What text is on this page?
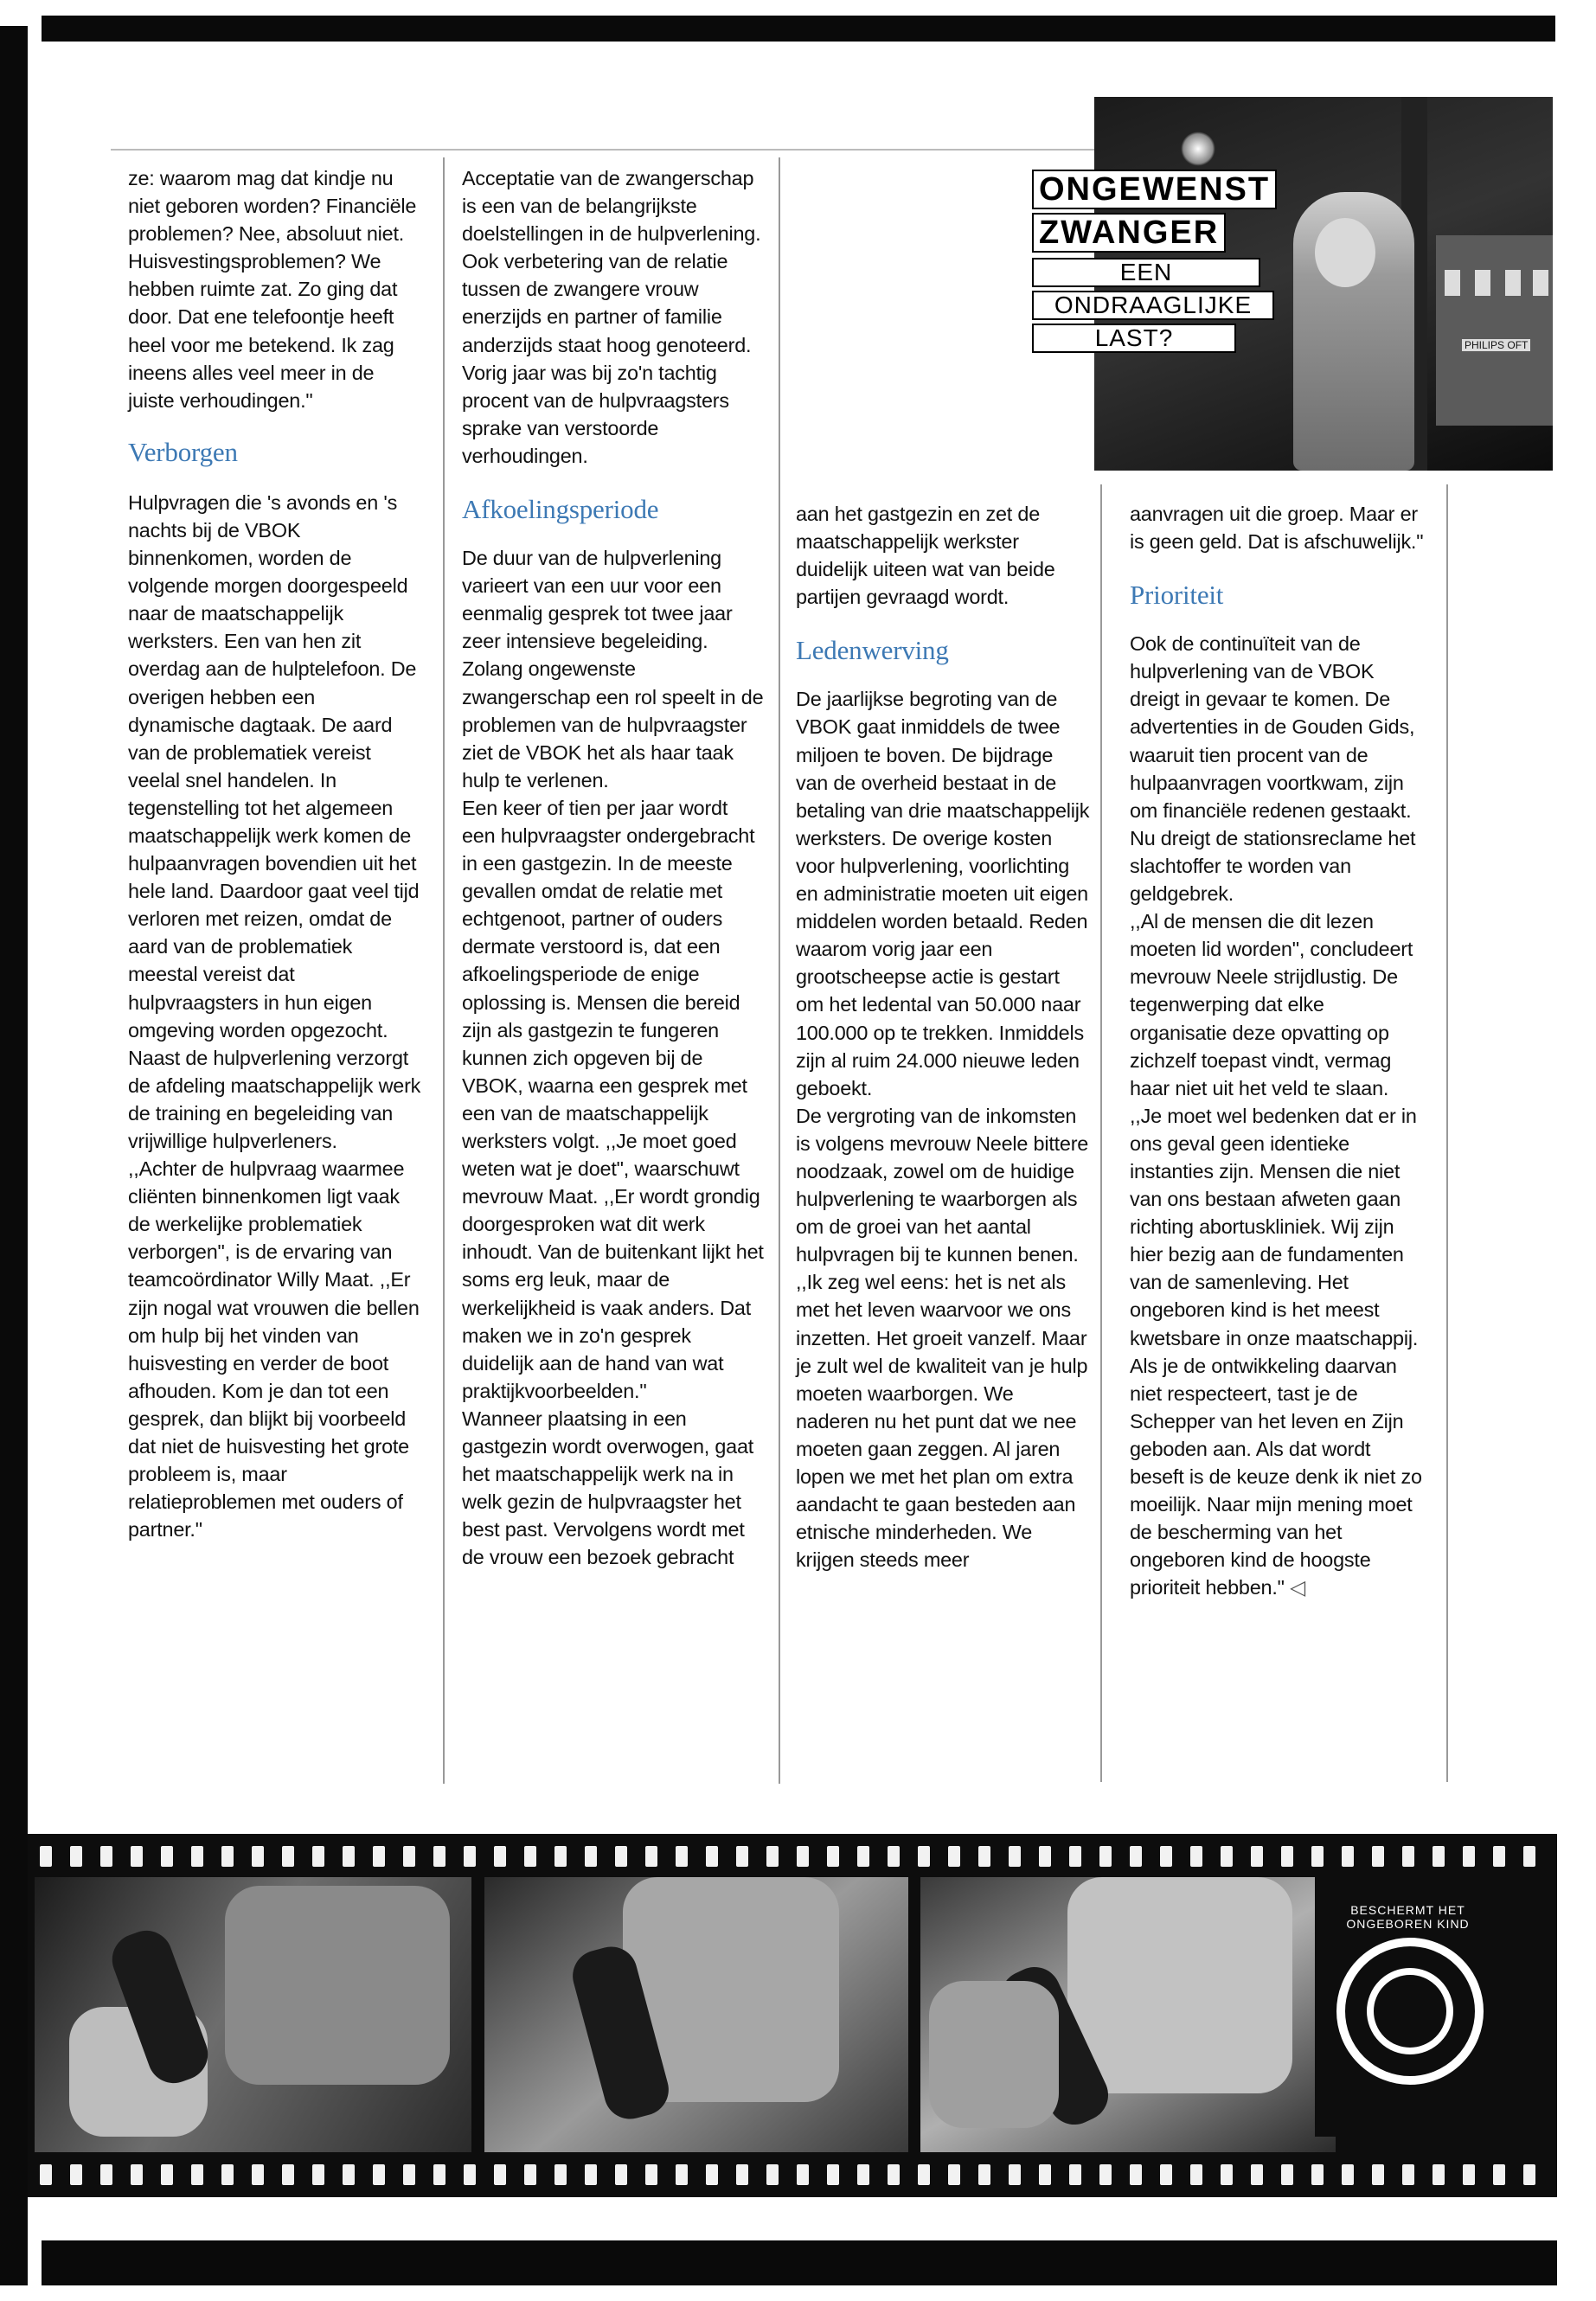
PHILIPS OFT
ONGEWENST
ZWANGER
EEN
ONDRAAGLIJKE
LAST?

ze: waarom mag dat kindje nu niet geboren worden? Financiële problemen? Nee, absoluut niet. Huisvestingsproblemen? We hebben ruimte zat. Zo ging dat door. Dat ene telefoontje heeft heel voor me betekend. Ik zag ineens alles veel meer in de juiste verhoudingen."

Verborgen

Hulpvragen die 's avonds en 's nachts bij de VBOK binnenkomen, worden de volgende morgen doorgespeeld naar de maatschappelijk werksters. Een van hen zit overdag aan de hulptelefoon. De overigen hebben een dynamische dagtaak. De aard van de problematiek vereist veelal snel handelen. In tegenstelling tot het algemeen maatschappelijk werk komen de hulpaanvragen bovendien uit het hele land. Daardoor gaat veel tijd verloren met reizen, omdat de aard van de problematiek meestal vereist dat hulpvraagsters in hun eigen omgeving worden opgezocht. Naast de hulpverlening verzorgt de afdeling maatschappelijk werk de training en begeleiding van vrijwillige hulpverleners.

,,Achter de hulpvraag waarmee cliënten binnenkomen ligt vaak de werkelijke problematiek verborgen", is de ervaring van teamcoördinator Willy Maat. ,,Er zijn nogal wat vrouwen die bellen om hulp bij het vinden van huisvesting en verder de boot afhouden. Kom je dan tot een gesprek, dan blijkt bij voorbeeld dat niet de huisvesting het grote probleem is, maar relatieproblemen met ouders of partner."

Acceptatie van de zwangerschap is een van de belangrijkste doelstellingen in de hulpverlening. Ook verbetering van de relatie tussen de zwangere vrouw enerzijds en partner of familie anderzijds staat hoog genoteerd. Vorig jaar was bij zo'n tachtig procent van de hulpvraagsters sprake van verstoorde verhoudingen.

Afkoelingsperiode

De duur van de hulpverlening varieert van een uur voor een eenmalig gesprek tot twee jaar zeer intensieve begeleiding. Zolang ongewenste zwangerschap een rol speelt in de problemen van de hulpvraagster ziet de VBOK het als haar taak hulp te verlenen.

Een keer of tien per jaar wordt een hulpvraagster ondergebracht in een gastgezin. In de meeste gevallen omdat de relatie met echtgenoot, partner of ouders dermate verstoord is, dat een afkoelingsperiode de enige oplossing is. Mensen die bereid zijn als gastgezin te fungeren kunnen zich opgeven bij de VBOK, waarna een gesprek met een van de maatschappelijk werksters volgt. ,,Je moet goed weten wat je doet", waarschuwt mevrouw Maat. ,,Er wordt grondig doorgesproken wat dit werk inhoudt. Van de buitenkant lijkt het soms erg leuk, maar de werkelijkheid is vaak anders. Dat maken we in zo'n gesprek duidelijk aan de hand van wat praktijkvoorbeelden."

Wanneer plaatsing in een gastgezin wordt overwogen, gaat het maatschappelijk werk na in welk gezin de hulpvraagster het best past. Vervolgens wordt met de vrouw een bezoek gebracht

aan het gastgezin en zet de maatschappelijk werkster duidelijk uiteen wat van beide partijen gevraagd wordt.

Ledenwerving

De jaarlijkse begroting van de VBOK gaat inmiddels de twee miljoen te boven. De bijdrage van de overheid bestaat in de betaling van drie maatschappelijk werksters. De overige kosten voor hulpverlening, voorlichting en administratie moeten uit eigen middelen worden betaald. Reden waarom vorig jaar een grootscheepse actie is gestart om het ledental van 50.000 naar 100.000 op te trekken. Inmiddels zijn al ruim 24.000 nieuwe leden geboekt.

De vergroting van de inkomsten is volgens mevrouw Neele bittere noodzaak, zowel om de huidige hulpverlening te waarborgen als om de groei van het aantal hulpvragen bij te kunnen benen. ,,Ik zeg wel eens: het is net als met het leven waarvoor we ons inzetten. Het groeit vanzelf. Maar je zult wel de kwaliteit van je hulp moeten waarborgen. We naderen nu het punt dat we nee moeten gaan zeggen. Al jaren lopen we met het plan om extra aandacht te gaan besteden aan etnische minderheden. We krijgen steeds meer

aanvragen uit die groep. Maar er is geen geld. Dat is afschuwelijk."

Prioriteit

Ook de continuïteit van de hulpverlening van de VBOK dreigt in gevaar te komen. De advertenties in de Gouden Gids, waaruit tien procent van de hulpaanvragen voortkwam, zijn om financiële redenen gestaakt. Nu dreigt de stationsreclame het slachtoffer te worden van geldgebrek.

,,Al de mensen die dit lezen moeten lid worden", concludeert mevrouw Neele strijdlustig. De tegenwerping dat elke organisatie deze opvatting op zichzelf toepast vindt, vermag haar niet uit het veld te slaan.

,,Je moet wel bedenken dat er in ons geval geen identieke instanties zijn. Mensen die niet van ons bestaan afweten gaan richting abortuskliniek. Wij zijn hier bezig aan de fundamenten van de samenleving. Het ongeboren kind is het meest kwetsbare in onze maatschappij. Als je de ontwikkeling daarvan niet respecteert, tast je de Schepper van het leven en Zijn geboden aan. Als dat wordt beseft is de keuze denk ik niet zo moeilijk. Naar mijn mening moet de bescherming van het ongeboren kind de hoogste prioriteit hebben." ◁

BESCHERMT HET ONGEBOREN KIND
